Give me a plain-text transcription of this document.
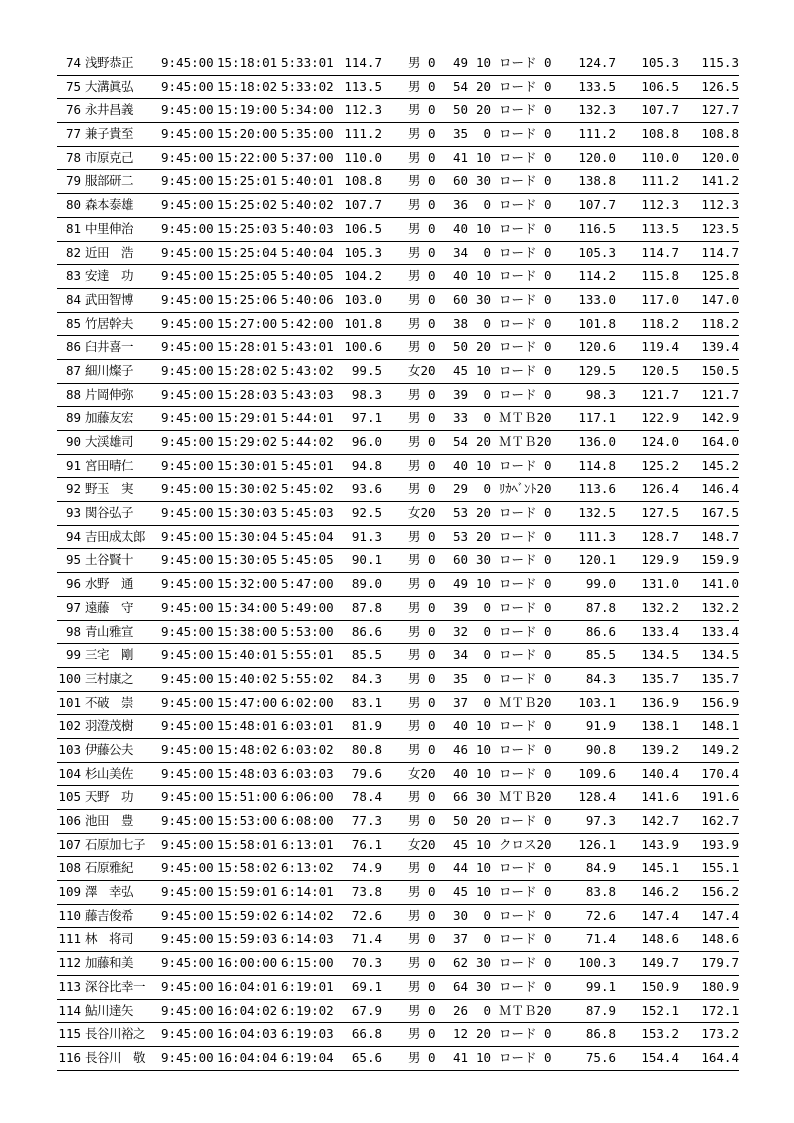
74 浅野恭正	9:45:00 15:18:01 5:33:01 114.7 男 0	49 10 ロード 0	124.7	105.3	115.3
75 大溝眞弘	9:45:00 15:18:02 5:33:02 113.5 男 0	54 20 ロード 0	133.5	106.5	126.5
76 永井昌義	9:45:00 15:19:00 5:34:00 112.3 男 0	50 20 ロード 0	132.3	107.7	127.7
77 兼子貴至	9:45:00 15:20:00 5:35:00 111.2 男 0	35	0 ロード 0	111.2	108.8	108.8
78 市原克己	9:45:00 15:22:00 5:37:00 110.0 男 0	41 10 ロード 0	120.0	110.0	120.0
79 服部研二	9:45:00 15:25:01 5:40:01 108.8 男 0	60 30 ロード 0	138.8	111.2	141.2
80 森本泰雄	9:45:00 15:25:02 5:40:02 107.7 男 0	36	0 ロード 0	107.7	112.3	112.3
81 中里伸治	9:45:00 15:25:03 5:40:03 106.5 男 0	40 10 ロード 0	116.5	113.5	123.5
82 近田　浩	9:45:00 15:25:04 5:40:04 105.3 男 0	34	0 ロード 0	105.3	114.7	114.7
83 安達　功	9:45:00 15:25:05 5:40:05 104.2 男 0	40 10 ロード 0	114.2	115.8	125.8
84 武田智博	9:45:00 15:25:06 5:40:06 103.0 男 0	60 30 ロード 0	133.0	117.0	147.0
85 竹居幹夫	9:45:00 15:27:00 5:42:00 101.8 男 0	38	0 ロード 0	101.8	118.2	118.2
86 臼井喜一	9:45:00 15:28:01 5:43:01 100.6 男 0	50 20 ロード 0	120.6	119.4	139.4
87 細川燦子	9:45:00 15:28:02 5:43:02	99.5 女20	45 10 ロード 0	129.5	120.5	150.5
88 片岡伸弥	9:45:00 15:28:03 5:43:03	98.3 男 0	39	0 ロード 0	98.3	121.7	121.7
89 加藤友宏	9:45:00 15:29:01 5:44:01	97.1 男 0	33	0 ＭＴＢ20	117.1	122.9	142.9
90 大渓雄司	9:45:00 15:29:02 5:44:02	96.0 男 0	54 20 ＭＴＢ20	136.0	124.0	164.0
91 宮田晴仁	9:45:00 15:30:01 5:45:01	94.8 男 0	40 10 ロード 0	114.8	125.2	145.2
92 野玉　実	9:45:00 15:30:02 5:45:02	93.6 男 0	29	0 ﾘｶﾍﾞﾝﾄ20	113.6	126.4	146.4
93 関谷弘子	9:45:00 15:30:03 5:45:03	92.5 女20	53 20 ロード 0	132.5	127.5	167.5
94 吉田成太郎	9:45:00 15:30:04 5:45:04	91.3 男 0	53 20 ロード 0	111.3	128.7	148.7
95 土谷賢十	9:45:00 15:30:05 5:45:05	90.1 男 0	60 30 ロード 0	120.1	129.9	159.9
96 水野　通	9:45:00 15:32:00 5:47:00	89.0 男 0	49 10 ロード 0	99.0	131.0	141.0
97 遠藤　守	9:45:00 15:34:00 5:49:00	87.8 男 0	39	0 ロード 0	87.8	132.2	132.2
98 青山雅宣	9:45:00 15:38:00 5:53:00	86.6 男 0	32	0 ロード 0	86.6	133.4	133.4
99 三宅　剛	9:45:00 15:40:01 5:55:01	85.5 男 0	34	0 ロード 0	85.5	134.5	134.5
100 三村康之	9:45:00 15:40:02 5:55:02	84.3 男 0	35	0 ロード 0	84.3	135.7	135.7
101 不破　崇	9:45:00 15:47:00 6:02:00	83.1 男 0	37	0 ＭＴＢ20	103.1	136.9	156.9
102 羽澄茂樹	9:45:00 15:48:01 6:03:01	81.9 男 0	40 10 ロード 0	91.9	138.1	148.1
103 伊藤公夫	9:45:00 15:48:02 6:03:02	80.8 男 0	46 10 ロード 0	90.8	139.2	149.2
104 杉山美佐	9:45:00 15:48:03 6:03:03	79.6 女20	40 10 ロード 0	109.6	140.4	170.4
105 天野　功	9:45:00 15:51:00 6:06:00	78.4 男 0	66 30 ＭＴＢ20	128.4	141.6	191.6
106 池田　豊	9:45:00 15:53:00 6:08:00	77.3 男 0	50 20 ロード 0	97.3	142.7	162.7
107 石原加七子	9:45:00 15:58:01 6:13:01	76.1 女20	45 10 クロス20	126.1	143.9	193.9
108 石原雅紀	9:45:00 15:58:02 6:13:02	74.9 男 0	44 10 ロード 0	84.9	145.1	155.1
109 澤　幸弘	9:45:00 15:59:01 6:14:01	73.8 男 0	45 10 ロード 0	83.8	146.2	156.2
110 藤吉俊希	9:45:00 15:59:02 6:14:02	72.6 男 0	30	0 ロード 0	72.6	147.4	147.4
111 林　将司	9:45:00 15:59:03 6:14:03	71.4 男 0	37	0 ロード 0	71.4	148.6	148.6
112 加藤和美	9:45:00 16:00:00 6:15:00	70.3 男 0	62 30 ロード 0	100.3	149.7	179.7
113 深谷比幸一	9:45:00 16:04:01 6:19:01	69.1 男 0	64 30 ロード 0	99.1	150.9	180.9
114 鮎川達矢	9:45:00 16:04:02 6:19:02	67.9 男 0	26	0 ＭＴＢ20	87.9	152.1	172.1
115 長谷川裕之	9:45:00 16:04:03 6:19:03	66.8 男 0	12 20 ロード 0	86.8	153.2	173.2
116 長谷川　敬	9:45:00 16:04:04 6:19:04	65.6 男 0	41 10 ロード 0	75.6	154.4	164.4
